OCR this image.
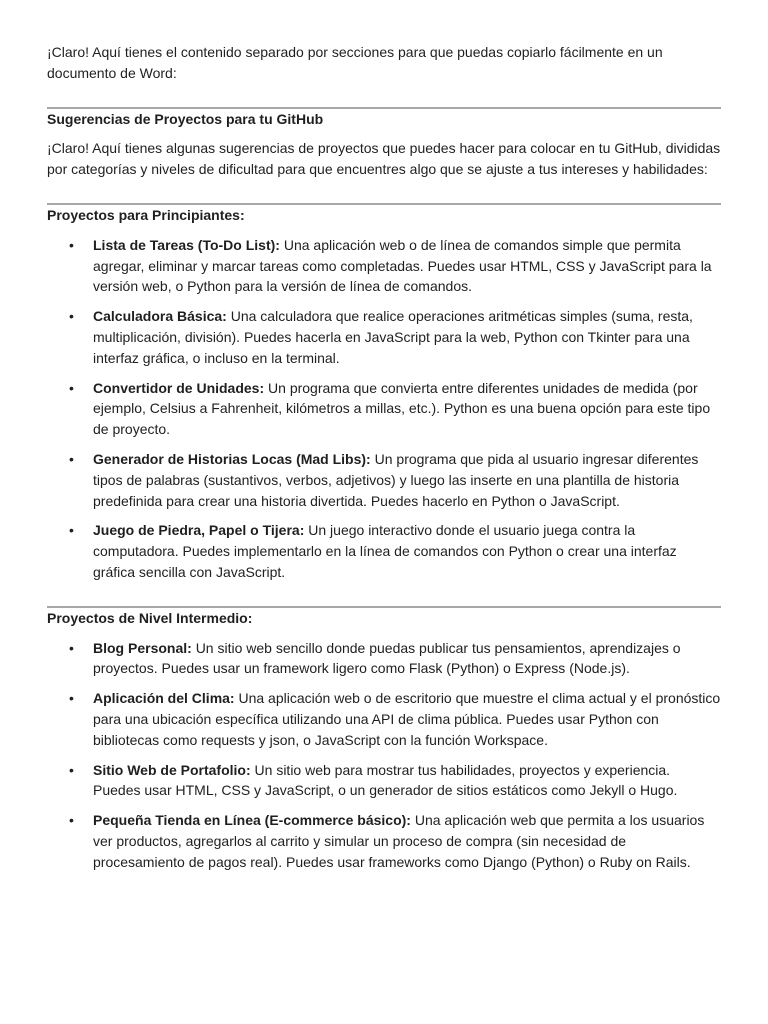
¡Claro! Aquí tienes el contenido separado por secciones para que puedas copiarlo fácilmente en un documento de Word:

Sugerencias de Proyectos para tu GitHub

¡Claro! Aquí tienes algunas sugerencias de proyectos que puedes hacer para colocar en tu GitHub, divididas por categorías y niveles de dificultad para que encuentres algo que se ajuste a tus intereses y habilidades:

Proyectos para Principiantes:
• Lista de Tareas (To-Do List): Una aplicación web o de línea de comandos simple que permita agregar, eliminar y marcar tareas como completadas. Puedes usar HTML, CSS y JavaScript para la versión web, o Python para la versión de línea de comandos.
• Calculadora Básica: Una calculadora que realice operaciones aritméticas simples (suma, resta, multiplicación, división). Puedes hacerla en JavaScript para la web, Python con Tkinter para una interfaz gráfica, o incluso en la terminal.
• Convertidor de Unidades: Un programa que convierta entre diferentes unidades de medida (por ejemplo, Celsius a Fahrenheit, kilómetros a millas, etc.). Python es una buena opción para este tipo de proyecto.
• Generador de Historias Locas (Mad Libs): Un programa que pida al usuario ingresar diferentes tipos de palabras (sustantivos, verbos, adjetivos) y luego las inserte en una plantilla de historia predefinida para crear una historia divertida. Puedes hacerlo en Python o JavaScript.
• Juego de Piedra, Papel o Tijera: Un juego interactivo donde el usuario juega contra la computadora. Puedes implementarlo en la línea de comandos con Python o crear una interfaz gráfica sencilla con JavaScript.
Proyectos de Nivel Intermedio:
• Blog Personal: Un sitio web sencillo donde puedas publicar tus pensamientos, aprendizajes o proyectos. Puedes usar un framework ligero como Flask (Python) o Express (Node.js).
• Aplicación del Clima: Una aplicación web o de escritorio que muestre el clima actual y el pronóstico para una ubicación específica utilizando una API de clima pública. Puedes usar Python con bibliotecas como requests y json, o JavaScript con la función Workspace.
• Sitio Web de Portafolio: Un sitio web para mostrar tus habilidades, proyectos y experiencia. Puedes usar HTML, CSS y JavaScript, o un generador de sitios estáticos como Jekyll o Hugo.
• Pequeña Tienda en Línea (E-commerce básico): Una aplicación web que permita a los usuarios ver productos, agregarlos al carrito y simular un proceso de compra (sin necesidad de procesamiento de pagos real). Puedes usar frameworks como Django (Python) o Ruby on Rails.
